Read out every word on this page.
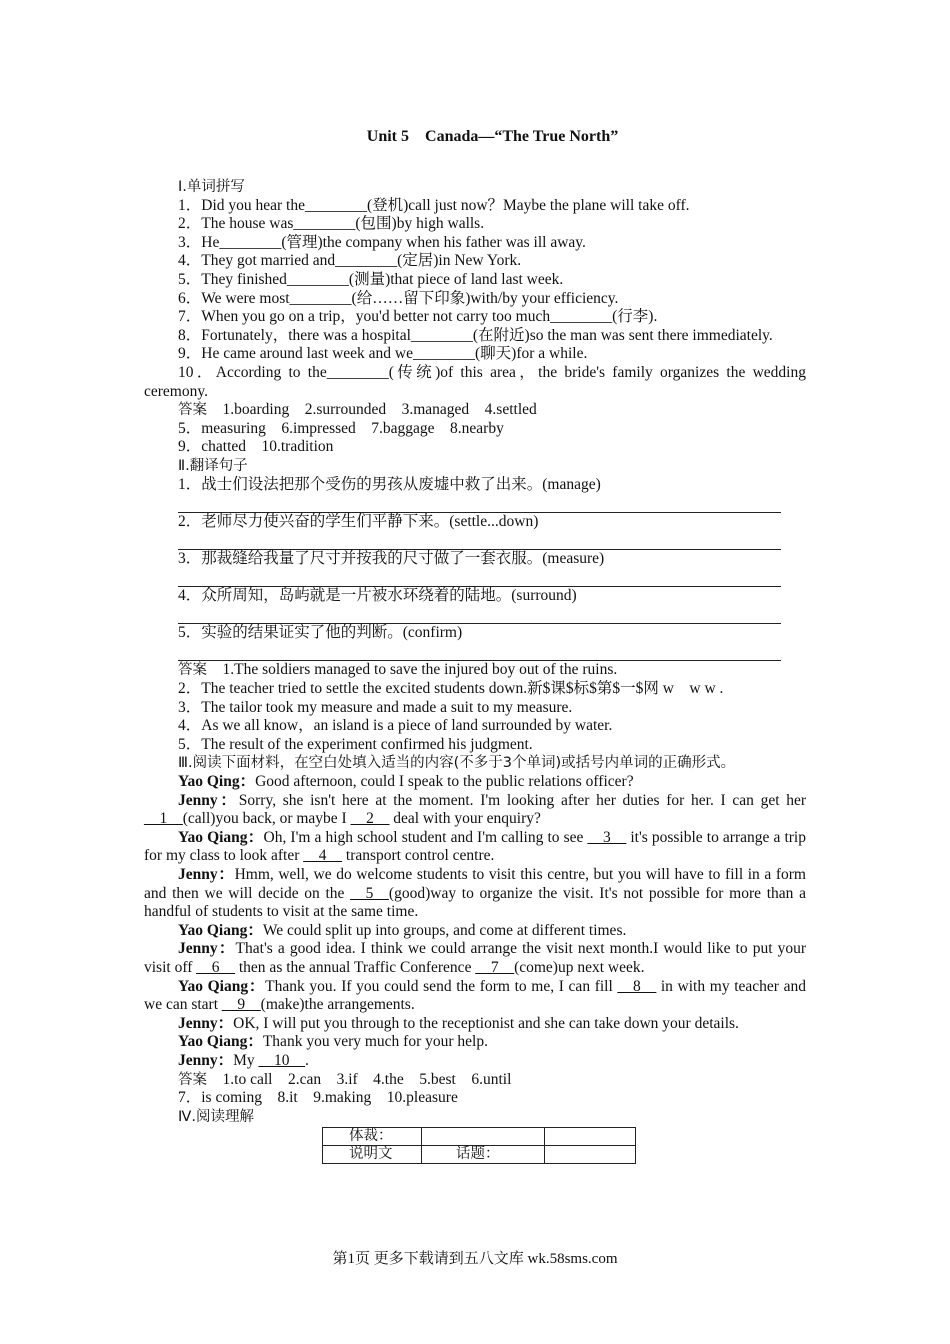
Unit 5　Canada—“The True North”

Ⅰ.单词拼写

1．Did you hear the________(登机)call just now？Maybe the plane will take off.

2．The house was________(包围)by high walls.

3．He________(管理)the company when his father was ill away.

4．They got married and________(定居)in New York.

5．They finished________(测量)that piece of land last week.

6．We were most________(给……留下印象)with/by your efficiency.

7．When you go on a trip，you'd better not carry too much________(行李).

8．Fortunately，there was a hospital________(在附近)so the man was sent there immediately.

9．He came around last week and we________(聊天)for a while.

10．According to the________(传统)of this area，the bride's family organizes the wedding ceremony.

答案　 1.boarding　2.surrounded　3.managed　4.settled

5．measuring　6.impressed　7.baggage　8.nearby

9．chatted　10.tradition

Ⅱ.翻译句子

1．战士们设法把那个受伤的男孩从废墟中救了出来。(manage)

2．老师尽力使兴奋的学生们平静下来。(settle...down)

3．那裁缝给我量了尺寸并按我的尺寸做了一套衣服。(measure)

4．众所周知，岛屿就是一片被水环绕着的陆地。(surround)

5．实验的结果证实了他的判断。(confirm)

答案　 1.The soldiers managed to save the injured boy out of the ruins.

2．The teacher tried to settle the excited students down.新$课$标$第$一$网 w　w w .

3．The tailor took my measure and made a suit to my measure.

4．As we all know，an island is a piece of land surrounded by water.

5．The result of the experiment confirmed his judgment.

Ⅲ.阅读下面材料，在空白处填入适当的内容(不多于3个单词)或括号内单词的正确形式。

Yao Qing：Good afternoon, could I speak to the public relations officer?

Jenny：Sorry, she isn't here at the moment. I'm looking after her duties for her. I can get her __1__(call)you back, or maybe I __2__ deal with your enquiry?

Yao Qiang：Oh, I'm a high school student and I'm calling to see __3__ it's possible to arrange a trip for my class to look after __4__ transport control centre.

Jenny：Hmm, well, we do welcome students to visit this centre, but you will have to fill in a form and then we will decide on the __5__(good)way to organize the visit. It's not possible for more than a handful of students to visit at the same time.

Yao Qiang：We could split up into groups, and come at different times.

Jenny：That's a good idea. I think we could arrange the visit next month.I would like to put your visit off __6__ then as the annual Traffic Conference __7__(come)up next week.

Yao Qiang：Thank you. If you could send the form to me, I can fill __8__ in with my teacher and we can start __9__(make)the arrangements.

Jenny：OK, I will put you through to the receptionist and she can take down your details.

Yao Qiang：Thank you very much for your help.

Jenny：My __10__.

答案　 1.to call　2.can　3.if　4.the　5.best　6.until

7．is coming　8.it　9.making　10.pleasure

Ⅳ.阅读理解

体裁：		
说明文	话题：	
第1页 更多下载请到五八文库 wk.58sms.com
